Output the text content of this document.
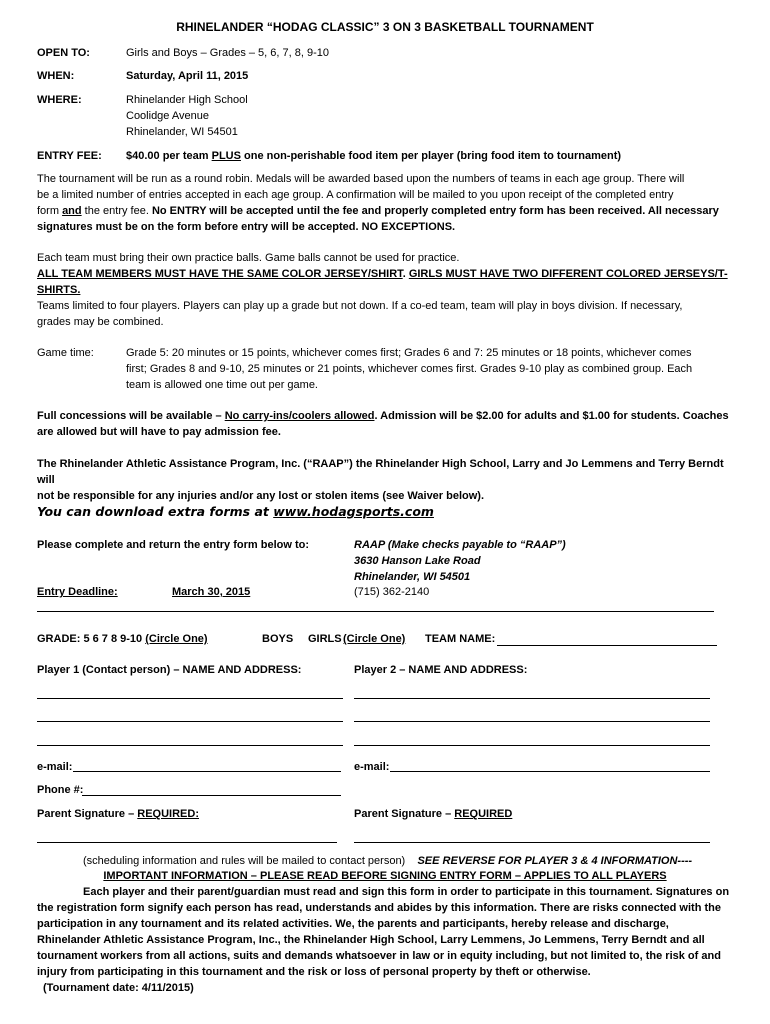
RHINELANDER “HODAG CLASSIC” 3 ON 3 BASKETBALL TOURNAMENT
OPEN TO:	Girls and Boys – Grades – 5, 6, 7, 8, 9-10
WHEN:	Saturday, April 11, 2015
WHERE:	Rhinelander High School
Coolidge Avenue
Rhinelander, WI 54501
ENTRY FEE: $40.00 per team PLUS one non-perishable food item per player (bring food item to tournament)
The tournament will be run as a round robin. Medals will be awarded based upon the numbers of teams in each age group. There will
be a limited number of entries accepted in each age group. A confirmation will be mailed to you upon receipt of the completed entry
form and the entry fee. No ENTRY will be accepted until the fee and properly completed entry form has been received. All necessary
signatures must be on the form before entry will be accepted. NO EXCEPTIONS.
Each team must bring their own practice balls. Game balls cannot be used for practice.
ALL TEAM MEMBERS MUST HAVE THE SAME COLOR JERSEY/SHIRT. GIRLS MUST HAVE TWO DIFFERENT COLORED JERSEYS/T-SHIRTS.
Teams limited to four players. Players can play up a grade but not down. If a co-ed team, team will play in boys division. If necessary,
grades may be combined.
Game time:	Grade 5: 20 minutes or 15 points, whichever comes first; Grades 6 and 7: 25 minutes or 18 points, whichever comes
first; Grades 8 and 9-10, 25 minutes or 21 points, whichever comes first. Grades 9-10 play as combined group. Each
team is allowed one time out per game.
Full concessions will be available – No carry-ins/coolers allowed. Admission will be $2.00 for adults and $1.00 for students. Coaches
are allowed but will have to pay admission fee.
The Rhinelander Athletic Assistance Program, Inc. (“RAAP”) the Rhinelander High School, Larry and Jo Lemmens and Terry Berndt will
not be responsible for any injuries and/or any lost or stolen items (see Waiver below).
You can download extra forms at www.hodagsports.com
Please complete and return the entry form below to:	RAAP (Make checks payable to “RAAP”)
3630 Hanson Lake Road
Rhinelander, WI 54501
(715) 362-2140
Entry Deadline:	March 30, 2015
GRADE: 5 6 7 8 9-10 (Circle One)	BOYS GIRLS (Circle One) TEAM NAME:
Player 1 (Contact person) – NAME AND ADDRESS:	Player 2 – NAME AND ADDRESS:
e-mail:	e-mail:
Phone #:
Parent Signature – REQUIRED:	Parent Signature – REQUIRED
(scheduling information and rules will be mailed to contact person) SEE REVERSE FOR PLAYER 3 & 4 INFORMATION----
IMPORTANT INFORMATION – PLEASE READ BEFORE SIGNING ENTRY FORM – APPLIES TO ALL PLAYERS
Each player and their parent/guardian must read and sign this form in order to participate in this tournament. Signatures on
the registration form signify each person has read, understands and abides by this information. There are risks connected with the
participation in any tournament and its related activities. We, the parents and participants, hereby release and discharge,
Rhinelander Athletic Assistance Program, Inc., the Rhinelander High School, Larry Lemmens, Jo Lemmens, Terry Berndt and all
tournament workers from all actions, suits and demands whatsoever in law or in equity including, but not limited to, the risk of and
injury from participating in this tournament and the risk or loss of personal property by theft or otherwise.
(Tournament date: 4/11/2015)
